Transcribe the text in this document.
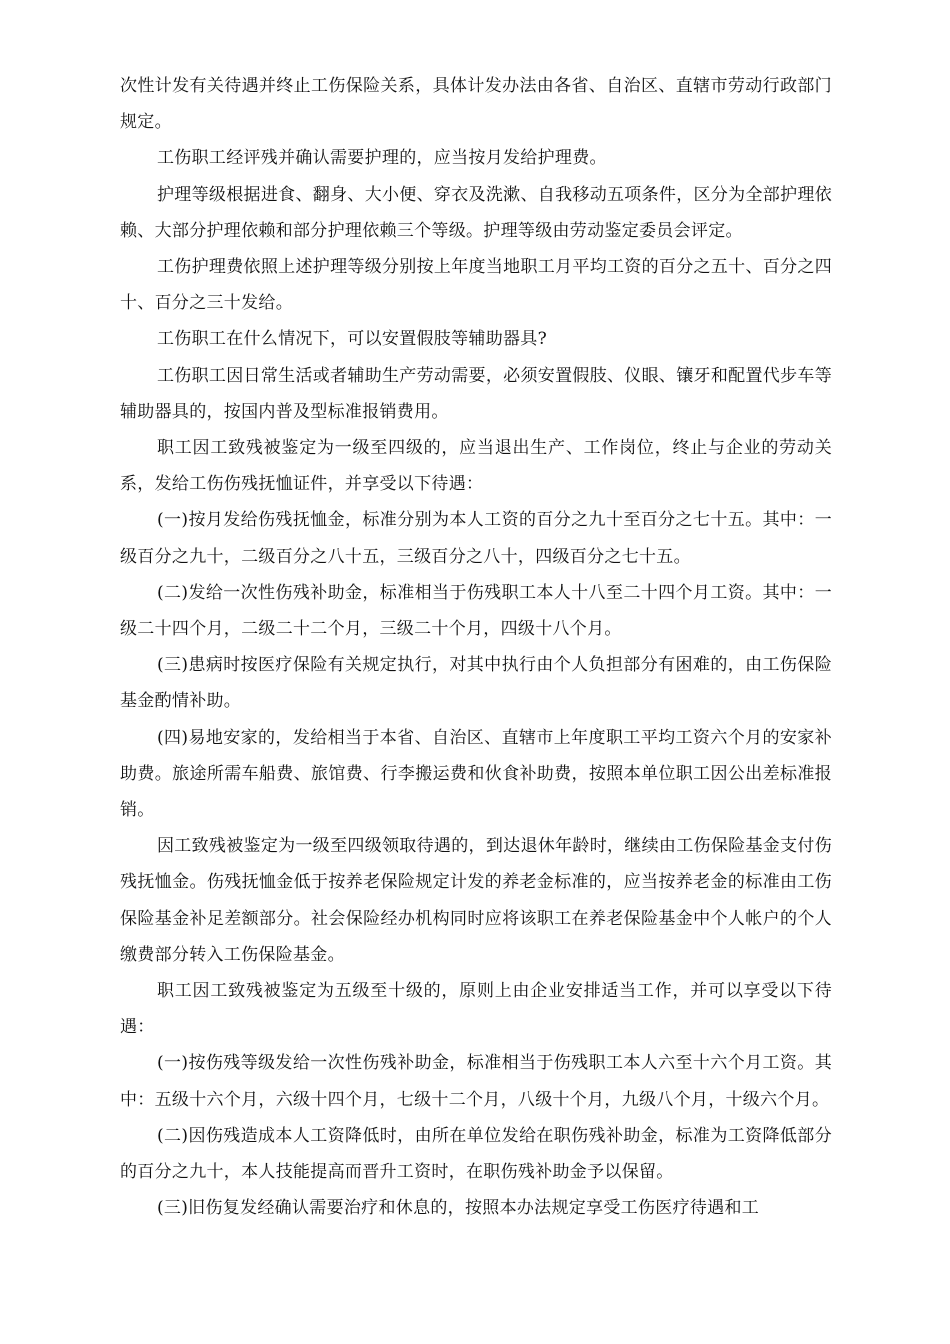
次性计发有关待遇并终止工伤保险关系，具体计发办法由各省、自治区、直辖市劳动行政部门规定。

工伤职工经评残并确认需要护理的，应当按月发给护理费。

护理等级根据进食、翻身、大小便、穿衣及洗漱、自我移动五项条件，区分为全部护理依赖、大部分护理依赖和部分护理依赖三个等级。护理等级由劳动鉴定委员会评定。

工伤护理费依照上述护理等级分别按上年度当地职工月平均工资的百分之五十、百分之四十、百分之三十发给。

工伤职工在什么情况下，可以安置假肢等辅助器具?

工伤职工因日常生活或者辅助生产劳动需要，必须安置假肢、仪眼、镶牙和配置代步车等辅助器具的，按国内普及型标准报销费用。

职工因工致残被鉴定为一级至四级的，应当退出生产、工作岗位，终止与企业的劳动关系，发给工伤伤残抚恤证件，并享受以下待遇：

(一)按月发给伤残抚恤金，标准分别为本人工资的百分之九十至百分之七十五。其中：一级百分之九十，二级百分之八十五，三级百分之八十，四级百分之七十五。

(二)发给一次性伤残补助金，标准相当于伤残职工本人十八至二十四个月工资。其中：一级二十四个月，二级二十二个月，三级二十个月，四级十八个月。

(三)患病时按医疗保险有关规定执行，对其中执行由个人负担部分有困难的，由工伤保险基金酌情补助。

(四)易地安家的，发给相当于本省、自治区、直辖市上年度职工平均工资六个月的安家补助费。旅途所需车船费、旅馆费、行李搬运费和伙食补助费，按照本单位职工因公出差标准报销。

因工致残被鉴定为一级至四级领取待遇的，到达退休年龄时，继续由工伤保险基金支付伤残抚恤金。伤残抚恤金低于按养老保险规定计发的养老金标准的，应当按养老金的标准由工伤保险基金补足差额部分。社会保险经办机构同时应将该职工在养老保险基金中个人帐户的个人缴费部分转入工伤保险基金。

职工因工致残被鉴定为五级至十级的，原则上由企业安排适当工作，并可以享受以下待遇：

(一)按伤残等级发给一次性伤残补助金，标准相当于伤残职工本人六至十六个月工资。其中：五级十六个月，六级十四个月，七级十二个月，八级十个月，九级八个月，十级六个月。

(二)因伤残造成本人工资降低时，由所在单位发给在职伤残补助金，标准为工资降低部分的百分之九十，本人技能提高而晋升工资时，在职伤残补助金予以保留。

(三)旧伤复发经确认需要治疗和休息的，按照本办法规定享受工伤医疗待遇和工
